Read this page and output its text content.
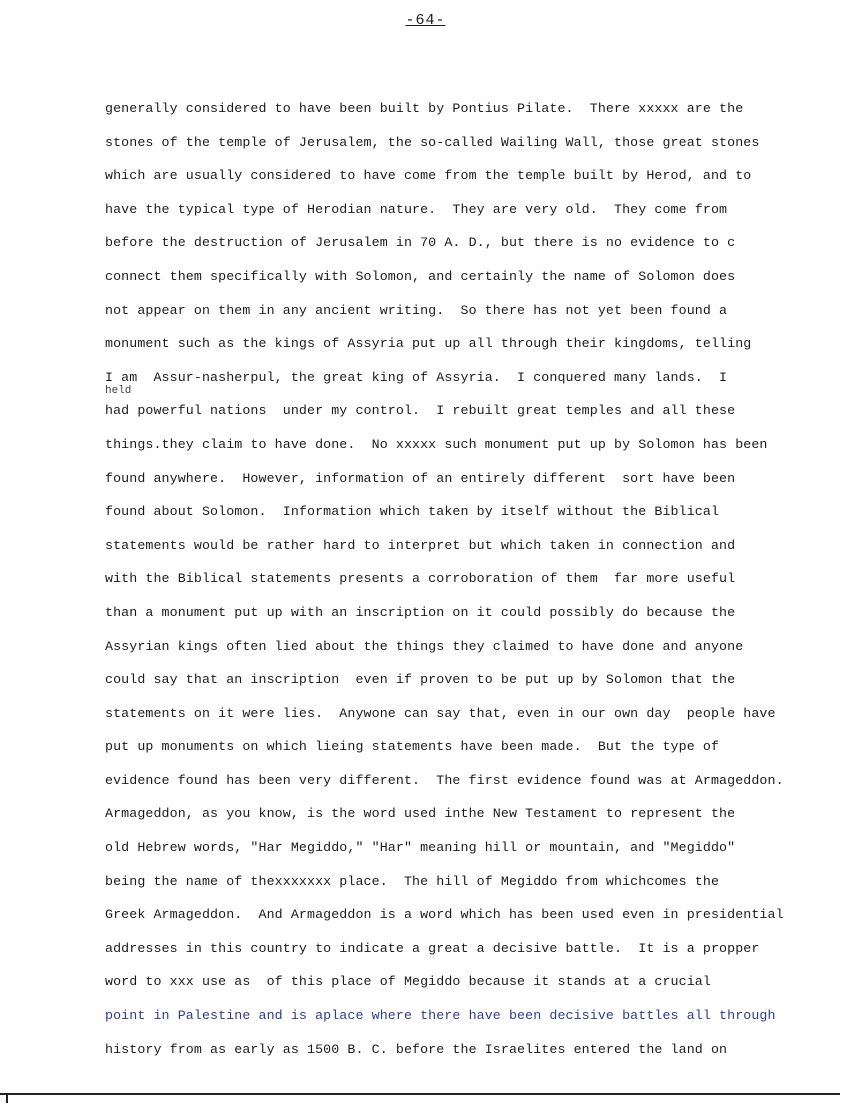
-64-
generally considered to have been built by Pontius Pilate.  There xxxxx are the
stones of the temple of Jerusalem, the so-called Wailing Wall, those great stones
which are usually considered to have come from the temple built by Herod, and to
have the typical type of Herodian nature.  They are very old.  They come from
before the destruction of Jerusalem in 70 A. D., but there is no evidence to c
connect them specifically with Solomon, and certainly the name of Solomon does
not appear on them in any ancient writing.  So there has not yet been found a
monument such as the kings of Assyria put up all through their kingdoms, telling
I am  Assur-nasherpul, the great king of Assyria.  I conquered many lands.  I
had powerful nations  under my control.  I rebuilt great temples and all these
things.they claim to have done.  No xxxxx such monument put up by Solomon has been
found anywhere.  However, information of an entirely different  sort have been
found about Solomon.  Information which taken by itself without the Biblical
statements would be rather hard to interpret but which taken in connection and
with the Biblical statements presents a corroboration of them  far more useful
than a monument put up with an inscription on it could possibly do because the
Assyrian kings often lied about the things they claimed to have done and anyone
could say that an inscription  even if proven to be put up by Solomon that the
statements on it were lies.  Anywone can say that, even in our own day  people have
put up monuments on which lieing statements have been made.  But the type of
evidence found has been very different.  The first evidence found was at Armageddon.
Armageddon, as you know, is the word used inthe New Testament to represent the
old Hebrew words, "Har Megiddo," "Har" meaning hill or mountain, and "Megiddo"
being the name of thexxxxxxx place.  The hill of Megiddo from whichcomes the
Greek Armageddon.  And Armageddon is a word which has been used even in presidential
addresses in this country to indicate a great a decisive battle.  It is a propper
word to xxx use as  of this place of Megiddo because it stands at a crucial
point in Palestine and is aplace where there have been decisive battles all through
history from as early as 1500 B. C. before the Israelites entered the land on
held
